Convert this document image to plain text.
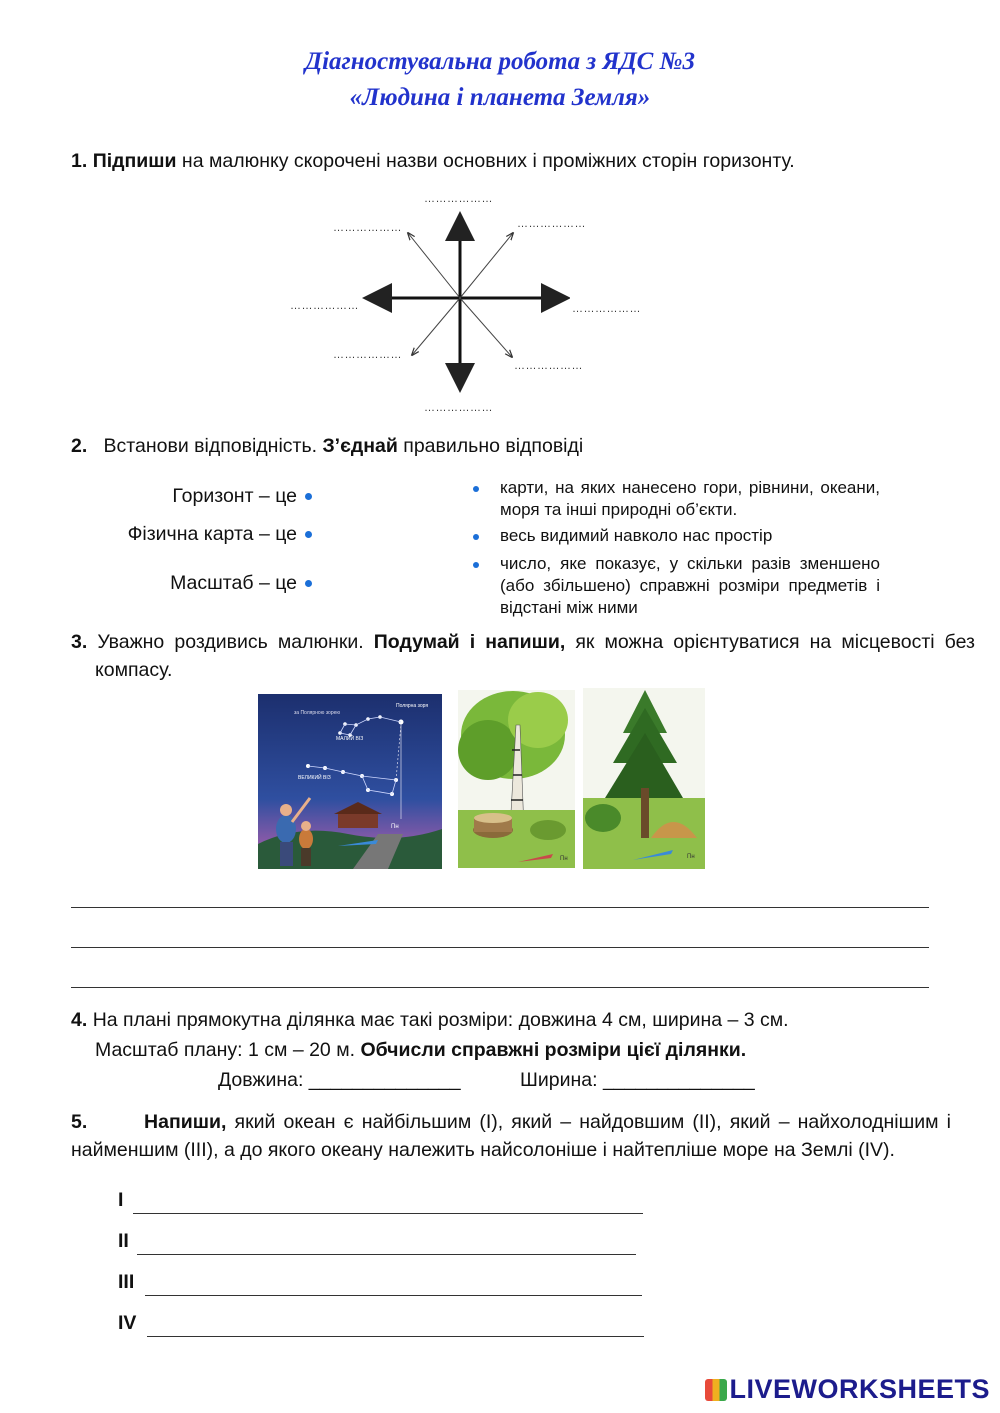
Діагностувальна робота з ЯДС №3
«Людина і планета Земля»
1. Підпиши на малюнку скорочені назви основних і проміжних сторін горизонту.
………………
………………	………………
………………	………………
………………
………………
………………
2. Встанови відповідність. З’єднай правильно відповіді
Горизонт – це
Фізична карта – це
Масштаб – це
карти, на яких нанесено гори, рівнини, океани, моря та інші природні об’єкти.
весь видимий навколо нас простір
число, яке показує, у скільки разів зменшено (або збільшено) справжні розміри предметів і відстані між ними
3. Уважно роздивись малюнки. Подумай і напиши, як можна орієнтуватися на місцевості без компасу.
за Полярною зорею
Полярна зоря
МАЛИЙ ВІЗ
ВЕЛИКИЙ ВІЗ
Пн
Пн	Пн
4. На плані прямокутна ділянка має такі розміри: довжина 4 см, ширина – 3 см.
Масштаб плану: 1 см – 20 м. Обчисли справжні розміри цієї ділянки.
Довжина: ______________	Ширина: ______________
5.	Напиши, який океан є найбільшим (I), який – найдовшим (II), який – найхолоднішим і найменшим (III), а до якого океану належить найсолоніше і найтепліше море на Землі (IV).
I
II
III
IV
LIVEWORKSHEETS
